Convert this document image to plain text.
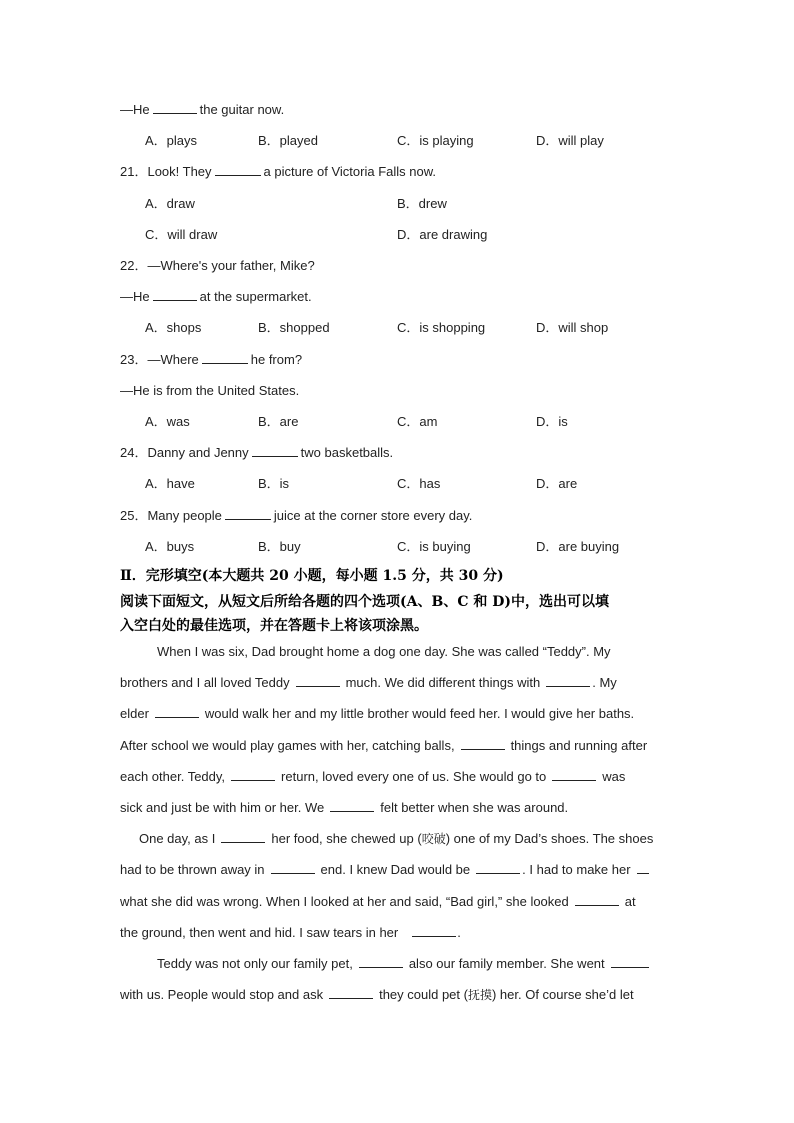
—He	the guitar now.
A．plays	B．played	C．is playing	D．will play
21．Look! They	a picture of Victoria Falls now.
A．draw	B．drew
C．will draw	D．are drawing
22．—Where's your father, Mike?
—He	at the supermarket.
A．shops	B．shopped	C．is shopping	D．will shop
23．—Where	he from?
—He is from the United States.
A．was	B．are	C．am	D．is
24．Danny and Jenny	two basketballs.
A．have	B．is	C．has	D．are
25．Many people	juice at the corner store every day.
A．buys	B．buy	C．is buying	D．are buying
Ⅱ．完形填空(本大题共 20 小题，每小题 1.5 分，共 30 分)
阅读下面短文，从短文后所给各题的四个选项(A、B、C 和 D)中，选出可以填
入空白处的最佳选项，并在答题卡上将该项涂黑。
When I was six, Dad brought home a dog one day. She was called “Teddy”. My
brothers and I all loved Teddy	much. We did different things with	. My
elder	would walk her and my little brother would feed her. I would give her baths.
After school we would play games with her, catching balls,	things and running after
each other. Teddy,	return, loved every one of us. She would go to	was
sick and just be with him or her. We	felt better when she was around.
One day, as I	her food, she chewed up (咬破) one of my Dad’s shoes. The shoes
had to be thrown away in	end. I knew Dad would be	. I had to make her
what she did was wrong. When I looked at her and said, “Bad girl,” she looked	at
the ground, then went and hid. I saw tears in her	.
Teddy was not only our family pet,	also our family member. She went
with us. People would stop and ask	they could pet (抚摸) her. Of course she’d let
